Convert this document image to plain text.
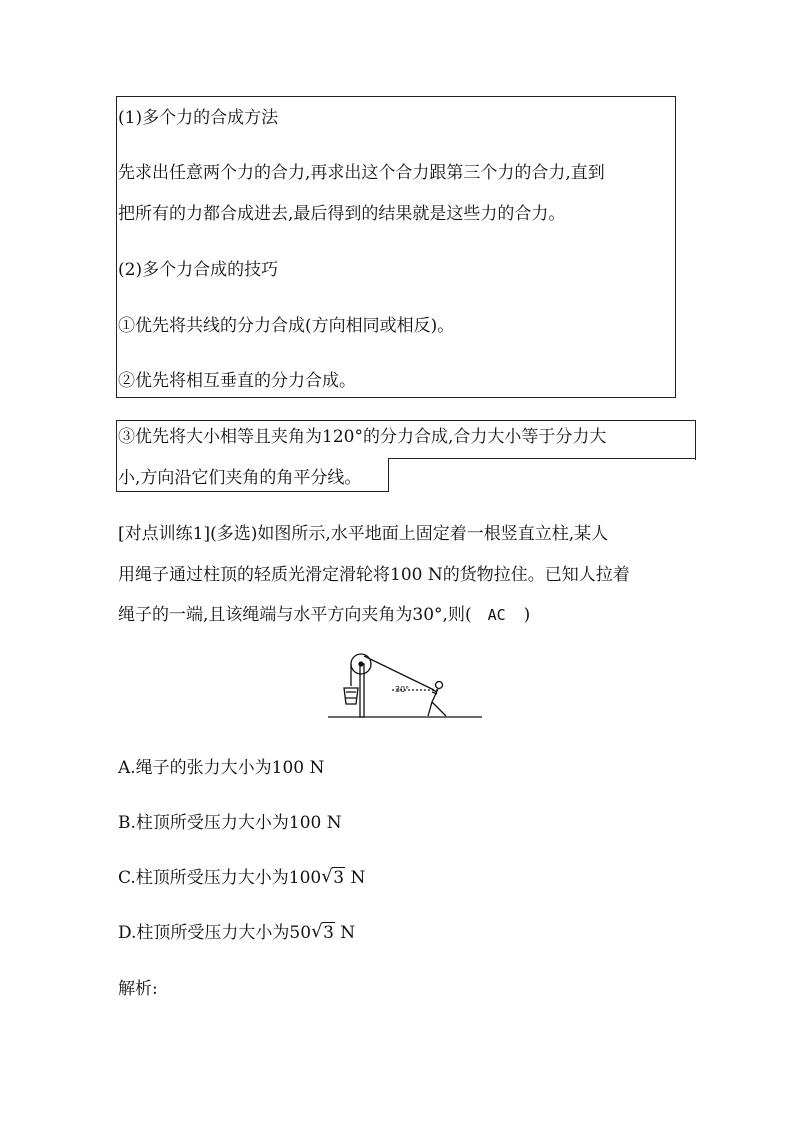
(1)多个力的合成方法
先求出任意两个力的合力,再求出这个合力跟第三个力的合力,直到
把所有的力都合成进去,最后得到的结果就是这些力的合力。
(2)多个力合成的技巧
①优先将共线的分力合成(方向相同或相反)。
②优先将相互垂直的分力合成。
③优先将大小相等且夹角为120°的分力合成,合力大小等于分力大
小,方向沿它们夹角的角平分线。
[对点训练1](多选)如图所示,水平地面上固定着一根竖直立柱,某人
用绳子通过柱顶的轻质光滑定滑轮将100 N的货物拉住。已知人拉着
绳子的一端,且该绳端与水平方向夹角为30°,则( AC )
30°
A.绳子的张力大小为100 N
B.柱顶所受压力大小为100 N
C.柱顶所受压力大小为100 √ 3 N
D.柱顶所受压力大小为50 √ 3 N
解析:
